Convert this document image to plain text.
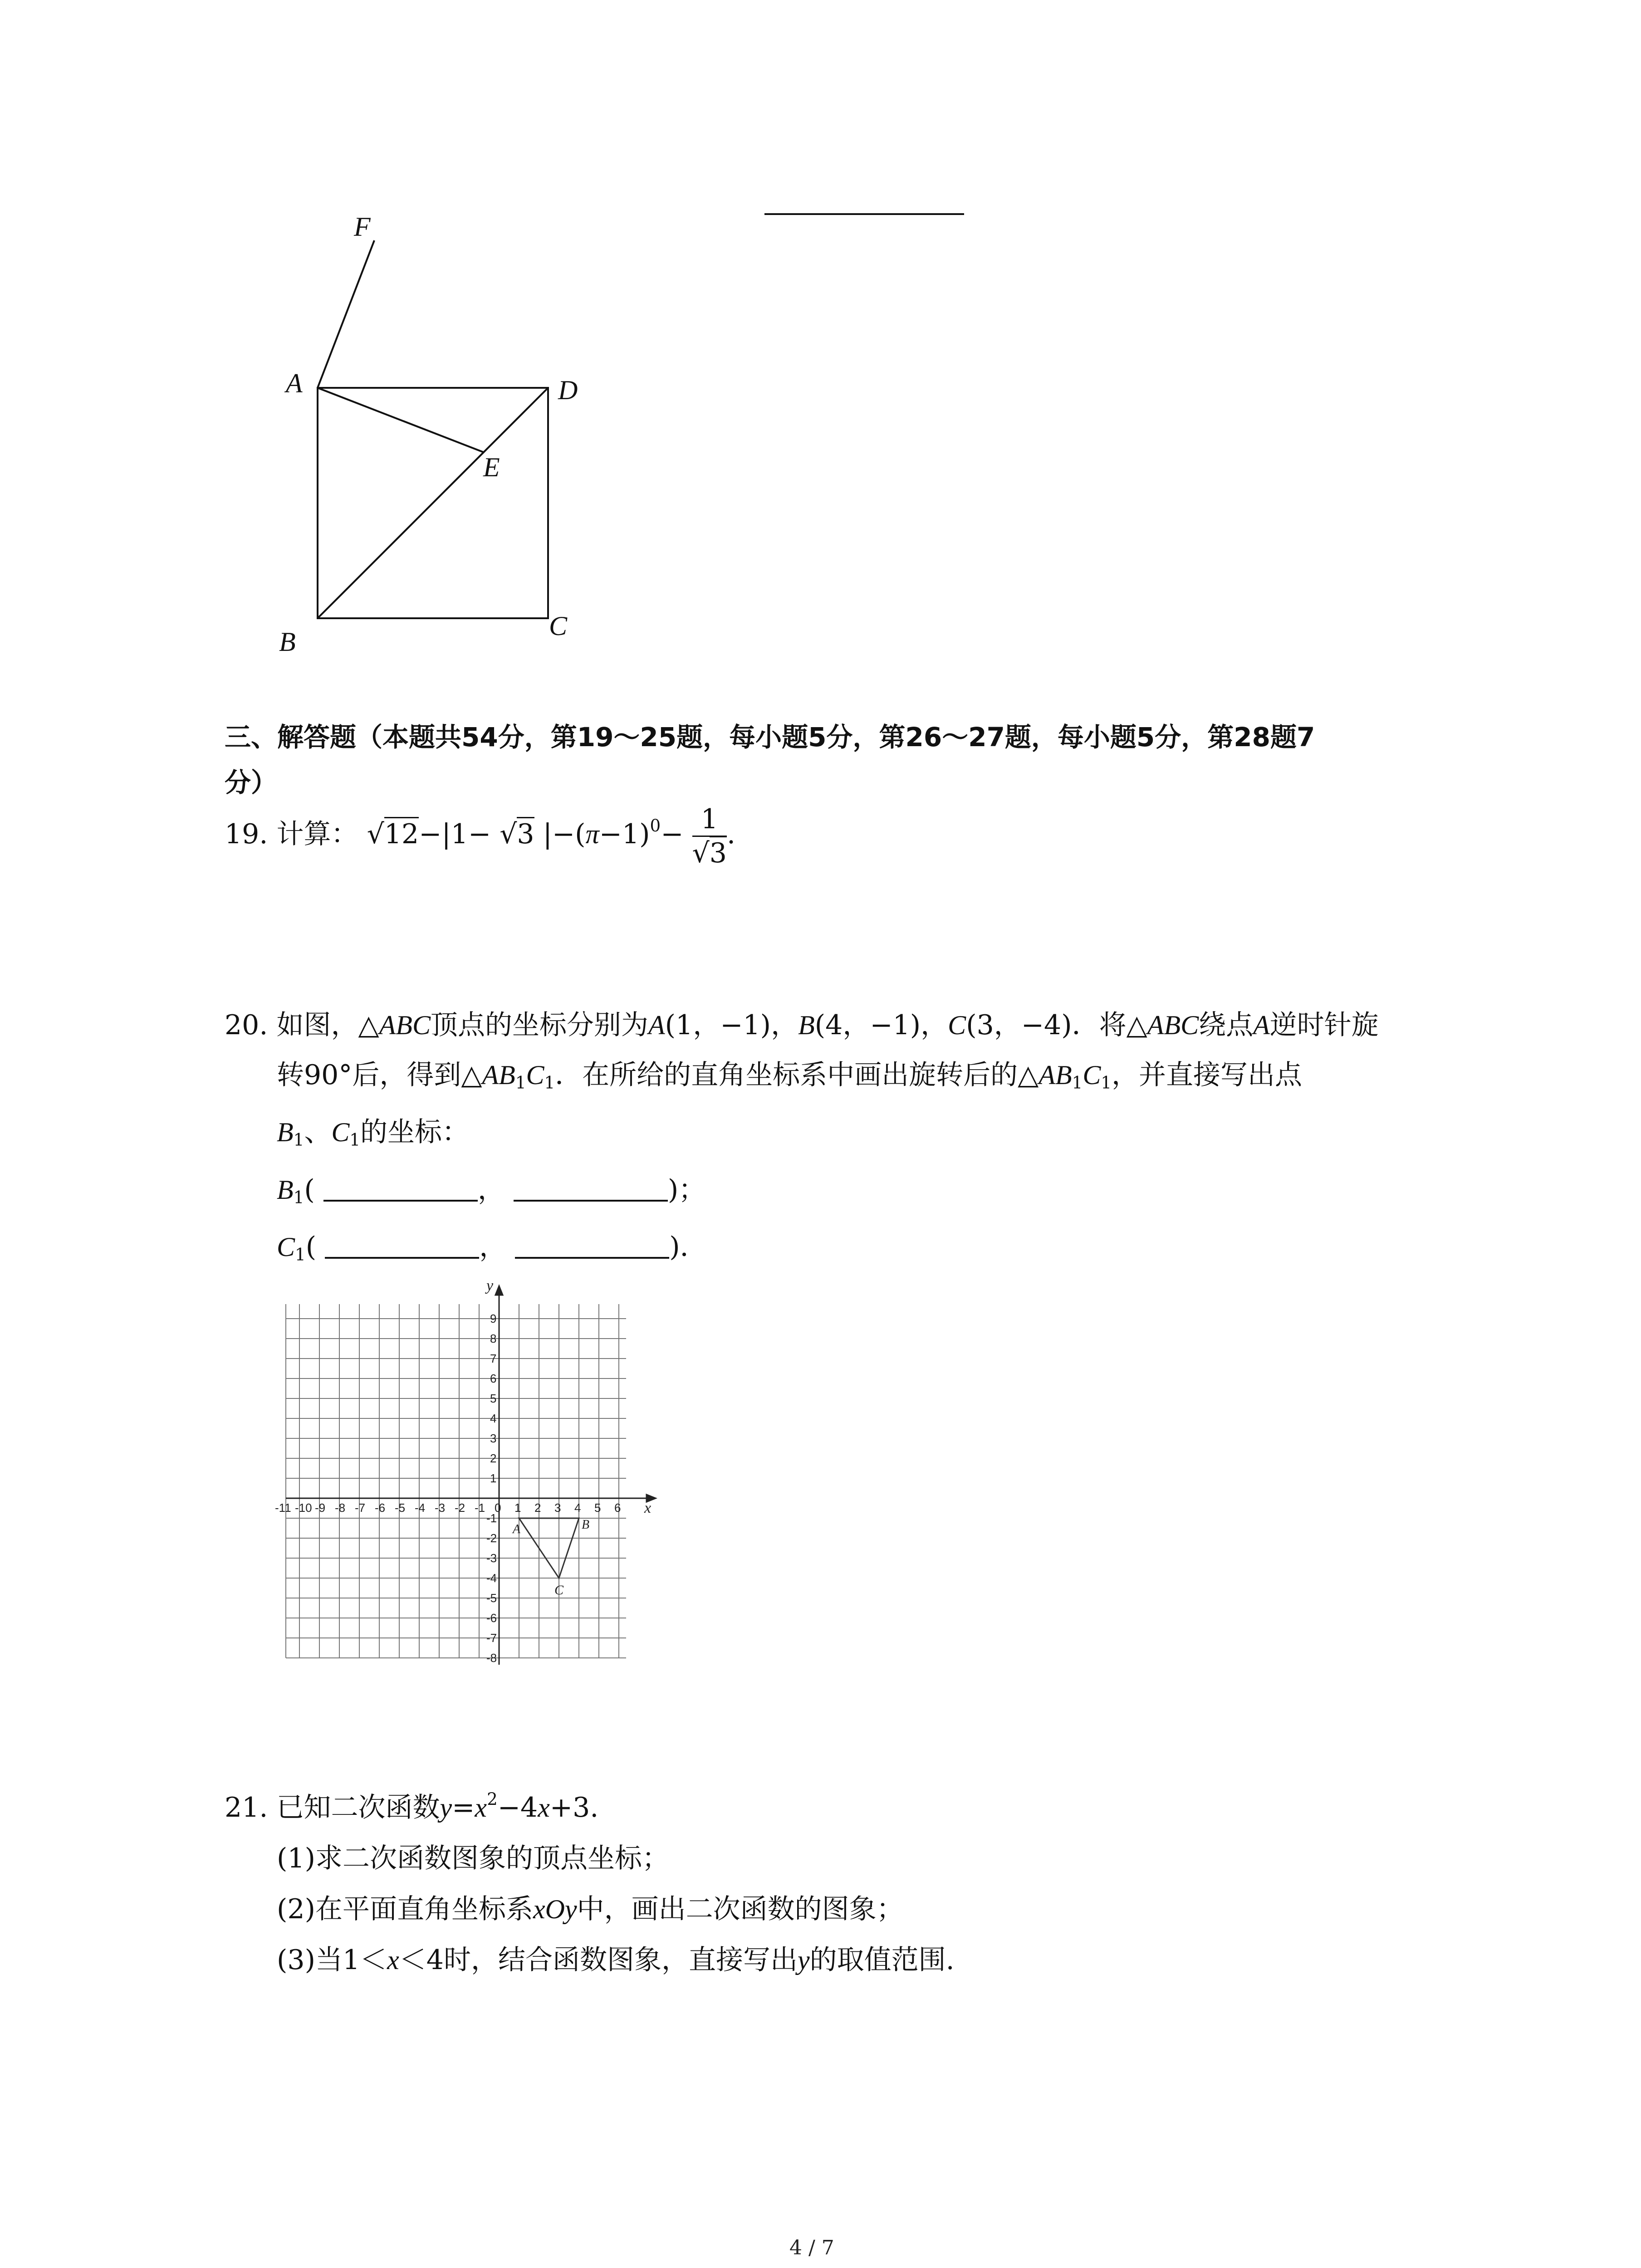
F
A	D
E
B
C
三、解答题（本题共54分，第19～25题，每小题5分，第26～27题，每小题5分，第28题7
分）
19. 计算： √12−|1− √3 $|-(\pi-1)^0- \frac{1}{√3}$ .
20. 如图，△ABC顶点的坐标分别为A(1，−1)，B(4，−1)，C(3，−4)．将△ABC绕点A逆时针旋
转90°后，得到$\triangle AB_1C_1$．在所给的直角坐标系中画出旋转后的$\triangle AB_1C_1$，并直接写出点
$B_1$、$C_1$的坐标：
$B_1$(	，	)；
$C_1$(	，	)．
-11 -10 -9 -8 -7 -6 -5 -4 -3 -2 -1 0 1 2 3 4 5 6
9
8
7
6
5
4
3
2
1
-1
-2
-3
-4
-5
-6
-7
-8
x
y
A	B
C
21. 已知二次函数$y=x^2-4x+3$.
(1)求二次函数图象的顶点坐标；
(2)在平面直角坐标系xOy中，画出二次函数的图象；
(3)当1＜x＜4时，结合函数图象，直接写出y的取值范围.
4 / 7
